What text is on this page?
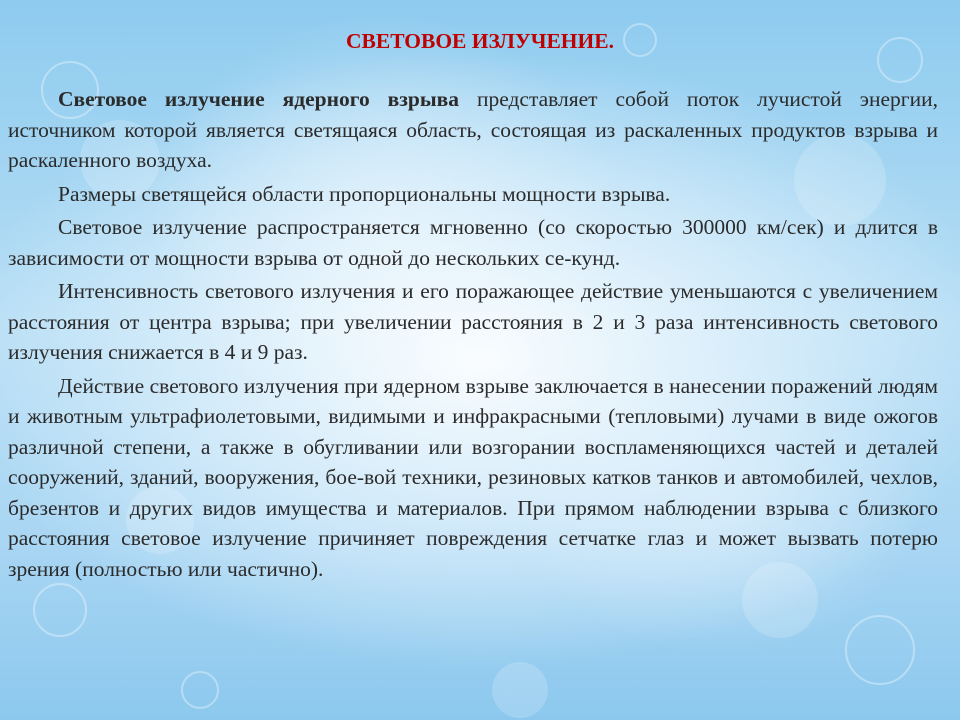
СВЕТОВОЕ ИЗЛУЧЕНИЕ.

Световое излучение ядерного взрыва представляет собой поток лучистой энергии, источником которой является светящаяся область, состоящая из раскаленных продуктов взрыва и раскаленного воздуха.

Размеры светящейся области пропорциональны мощности взрыва.

Световое излучение распространяется мгновенно (со скоростью 300000 км/сек) и длится в зависимости от мощности взрыва от одной до нескольких се-кунд.

Интенсивность светового излучения и его поражающее действие уменьшаются с увеличением расстояния от центра взрыва; при увеличении расстояния в 2 и 3 раза интенсивность светового излучения снижается в 4 и 9 раз.

Действие светового излучения при ядерном взрыве заключается в нанесении поражений людям и животным ультрафиолетовыми, видимыми и инфракрасными (тепловыми) лучами в виде ожогов различной степени, а также в обугливании или возгорании воспламеняющихся частей и деталей сооружений, зданий, вооружения, бое-вой техники, резиновых катков танков и автомобилей, чехлов, брезентов и других видов имущества и материалов. При прямом наблюдении взрыва с близкого расстояния световое излучение причиняет повреждения сетчатке глаз и может вызвать потерю зрения (полностью или частично).
